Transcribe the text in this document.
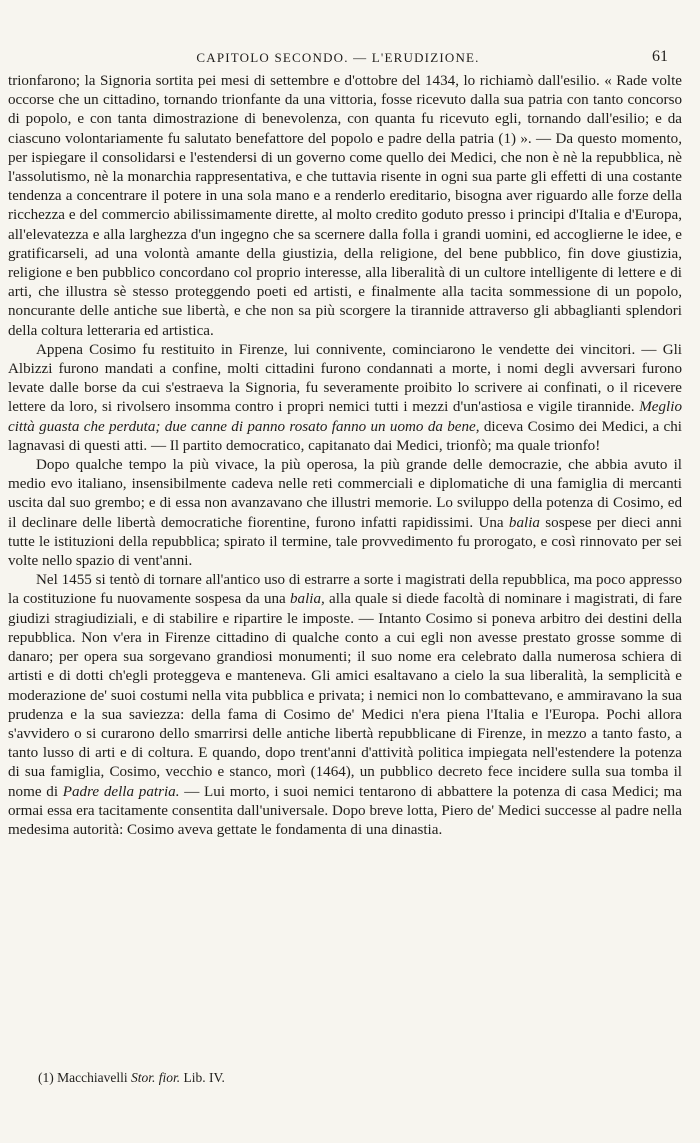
CAPITOLO SECONDO. — L'ERUDIZIONE.	61

trionfarono; la Signoria sortita pei mesi di settembre e d'ottobre del 1434, lo richiamò dall'esilio. « Rade volte occorse che un cittadino, tornando trionfante da una vittoria, fosse ricevuto dalla sua patria con tanto concorso di popolo, e con tanta dimostrazione di benevolenza, con quanta fu ricevuto egli, tornando dall'esilio; e da ciascuno volontariamente fu salutato benefattore del popolo e padre della patria (1) ». — Da questo momento, per ispiegare il consolidarsi e l'estendersi di un governo come quello dei Medici, che non è nè la repubblica, nè l'assolutismo, nè la monarchia rappresentativa, e che tuttavia risente in ogni sua parte gli effetti di una costante tendenza a concentrare il potere in una sola mano e a renderlo ereditario, bisogna aver riguardo alle forze della ricchezza e del commercio abilissimamente dirette, al molto credito goduto presso i principi d'Italia e d'Europa, all'elevatezza e alla larghezza d'un ingegno che sa scernere dalla folla i grandi uomini, ed accoglierne le idee, e gratificarseli, ad una volontà amante della giustizia, della religione, del bene pubblico, fin dove giustizia, religione e ben pubblico concordano col proprio interesse, alla liberalità di un cultore intelligente di lettere e di arti, che illustra sè stesso proteggendo poeti ed artisti, e finalmente alla tacita sommessione di un popolo, noncurante delle antiche sue libertà, e che non sa più scorgere la tirannide attraverso gli abbaglianti splendori della coltura letteraria ed artistica.

Appena Cosimo fu restituito in Firenze, lui connivente, cominciarono le vendette dei vincitori. — Gli Albizzi furono mandati a confine, molti cittadini furono condannati a morte, i nomi degli avversari furono levate dalle borse da cui s'estraeva la Signoria, fu severamente proibito lo scrivere ai confinati, o il ricevere lettere da loro, si rivolsero insomma contro i propri nemici tutti i mezzi d'un'astiosa e vigile tirannide. Meglio città guasta che perduta; due canne di panno rosato fanno un uomo da bene, diceva Cosimo dei Medici, a chi lagnavasi di questi atti. — Il partito democratico, capitanato dai Medici, trionfò; ma quale trionfo!

Dopo qualche tempo la più vivace, la più operosa, la più grande delle democrazie, che abbia avuto il medio evo italiano, insensibilmente cadeva nelle reti commerciali e diplomatiche di una famiglia di mercanti uscita dal suo grembo; e di essa non avanzavano che illustri memorie. Lo sviluppo della potenza di Cosimo, ed il declinare delle libertà democratiche fiorentine, furono infatti rapidissimi. Una balia sospese per dieci anni tutte le istituzioni della repubblica; spirato il termine, tale provvedimento fu prorogato, e così rinnovato per sei volte nello spazio di vent'anni.

Nel 1455 si tentò di tornare all'antico uso di estrarre a sorte i magistrati della repubblica, ma poco appresso la costituzione fu nuovamente sospesa da una balia, alla quale si diede facoltà di nominare i magistrati, di fare giudizi stragiudiziali, e di stabilire e ripartire le imposte. — Intanto Cosimo si poneva arbitro dei destini della repubblica. Non v'era in Firenze cittadino di qualche conto a cui egli non avesse prestato grosse somme di danaro; per opera sua sorgevano grandiosi monumenti; il suo nome era celebrato dalla numerosa schiera di artisti e di dotti ch'egli proteggeva e manteneva. Gli amici esaltavano a cielo la sua liberalità, la semplicità e moderazione de' suoi costumi nella vita pubblica e privata; i nemici non lo combattevano, e ammiravano la sua prudenza e la sua saviezza: della fama di Cosimo de' Medici n'era piena l'Italia e l'Europa. Pochi allora s'avvidero o si curarono dello smarrirsi delle antiche libertà repubblicane di Firenze, in mezzo a tanto fasto, a tanto lusso di arti e di coltura. E quando, dopo trent'anni d'attività politica impiegata nell'estendere la potenza di sua famiglia, Cosimo, vecchio e stanco, morì (1464), un pubblico decreto fece incidere sulla sua tomba il nome di Padre della patria. — Lui morto, i suoi nemici tentarono di abbattere la potenza di casa Medici; ma ormai essa era tacitamente consentita dall'universale. Dopo breve lotta, Piero de' Medici successe al padre nella medesima autorità: Cosimo aveva gettate le fondamenta di una dinastia.

(1) Macchiavelli Stor. fior. Lib. IV.
